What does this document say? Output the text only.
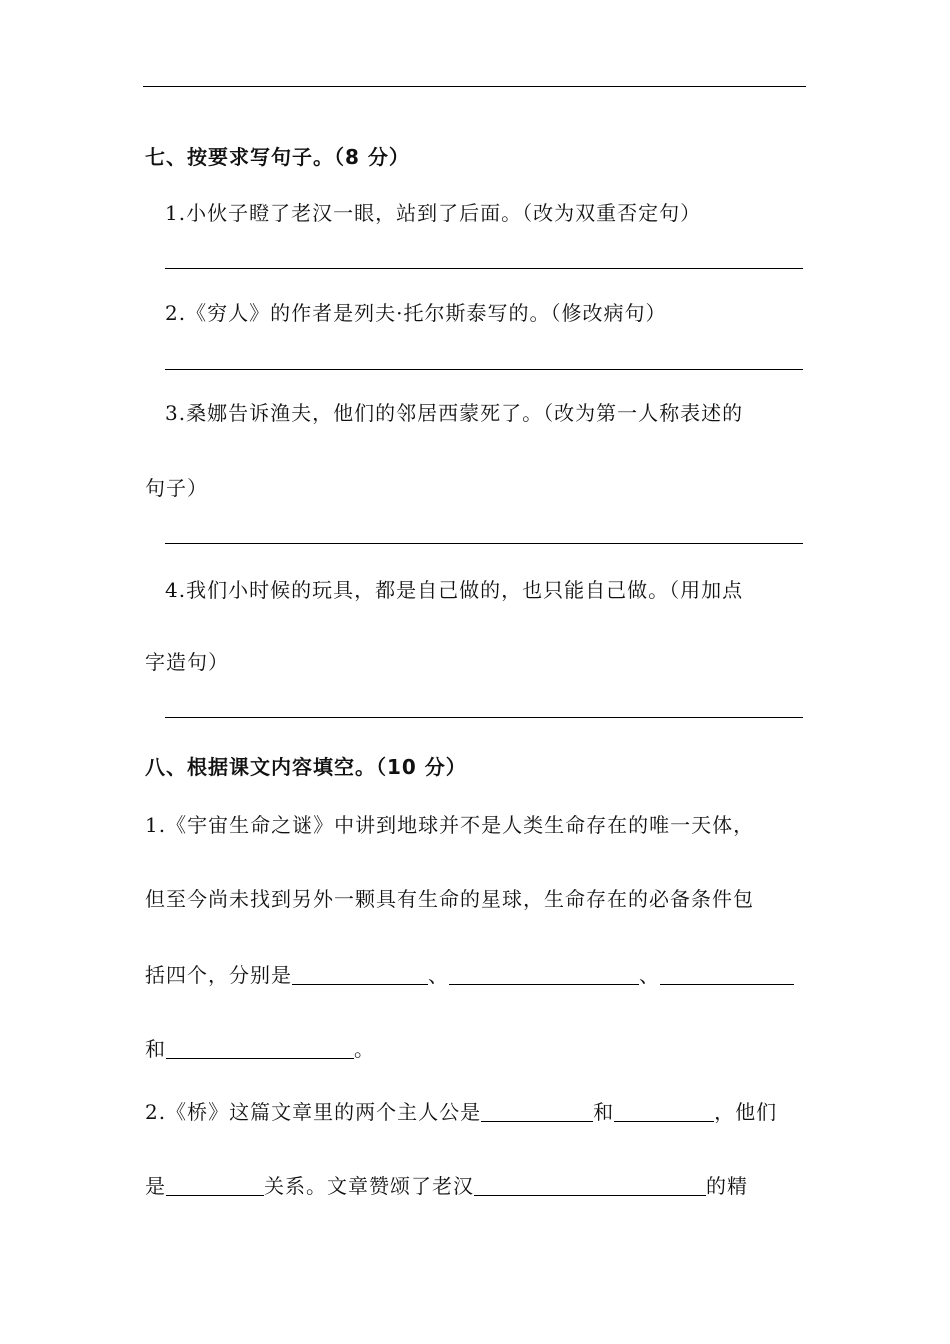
七、按要求写句子。（8 分）
1.小伙子瞪了老汉一眼，站到了后面。（改为双重否定句）
2.《穷人》的作者是列夫·托尔斯泰写的。（修改病句）
3.桑娜告诉渔夫，他们的邻居西蒙死了。（改为第一人称表述的
句子）
4.我们小时候的玩具，都是自己做的，也只能自己做。（用加点
字造句）
八、根据课文内容填空。（10 分）
1.《宇宙生命之谜》中讲到地球并不是人类生命存在的唯一天体，
但至今尚未找到另外一颗具有生命的星球，生命存在的必备条件包
括四个，分别是	、	、
和	。
2.《桥》这篇文章里的两个主人公是	和	，他们
是	关系。文章赞颂了老汉	的精
